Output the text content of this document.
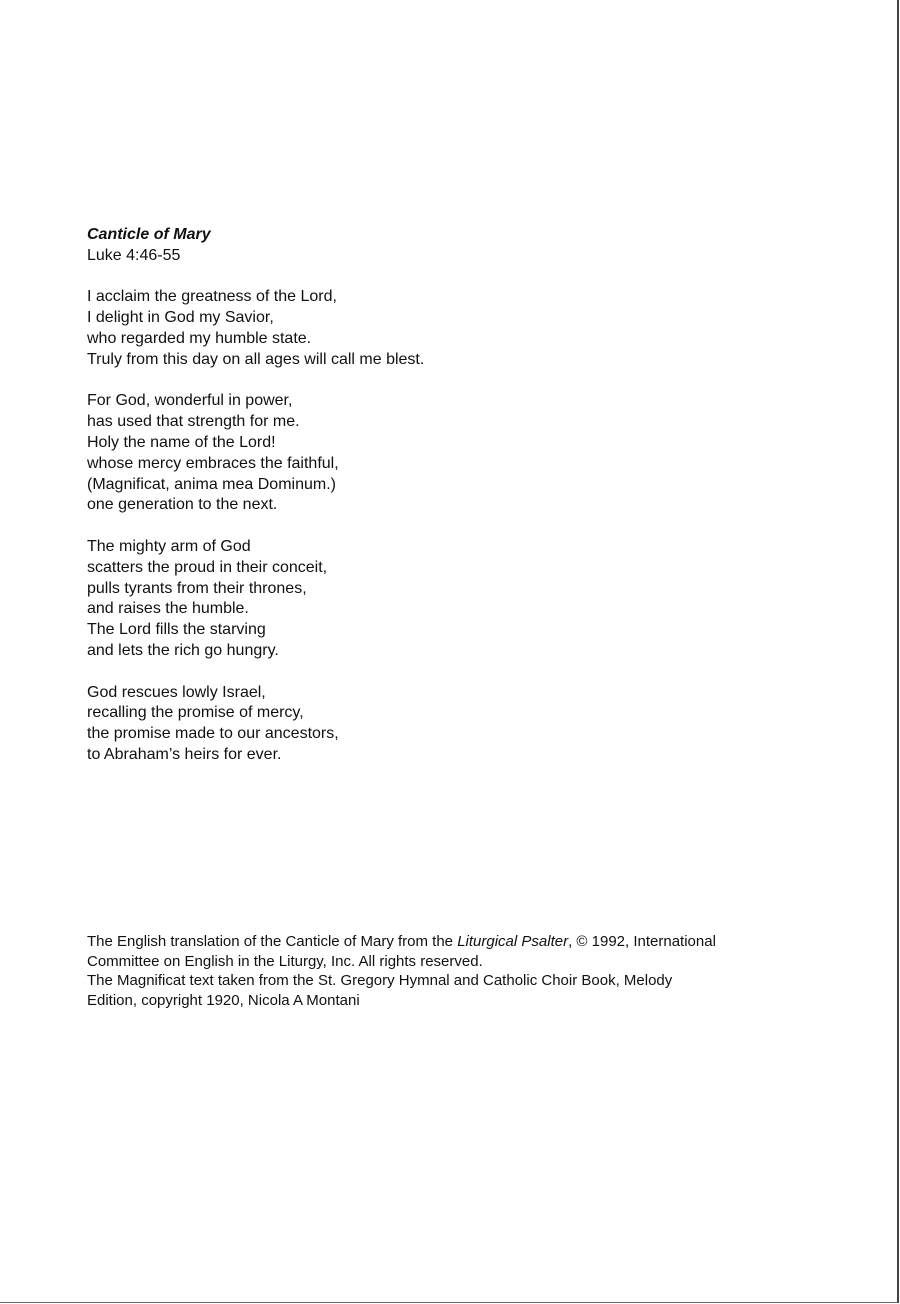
Canticle of Mary
Luke 4:46-55
I acclaim the greatness of the Lord,
I delight in God my Savior,
who regarded my humble state.
Truly from this day on all ages will call me blest.
For God, wonderful in power,
has used that strength for me.
Holy the name of the Lord!
whose mercy embraces the faithful,
(Magnificat, anima mea Dominum.)
one generation to the next.
The mighty arm of God
scatters the proud in their conceit,
pulls tyrants from their thrones,
and raises the humble.
The Lord fills the starving
and lets the rich go hungry.
God rescues lowly Israel,
recalling the promise of mercy,
the promise made to our ancestors,
to Abraham’s heirs for ever.
The English translation of the Canticle of Mary from the Liturgical Psalter, © 1992, International
Committee on English in the Liturgy, Inc. All rights reserved.
The Magnificat text taken from the St. Gregory Hymnal and Catholic Choir Book, Melody
Edition, copyright 1920, Nicola A Montani
